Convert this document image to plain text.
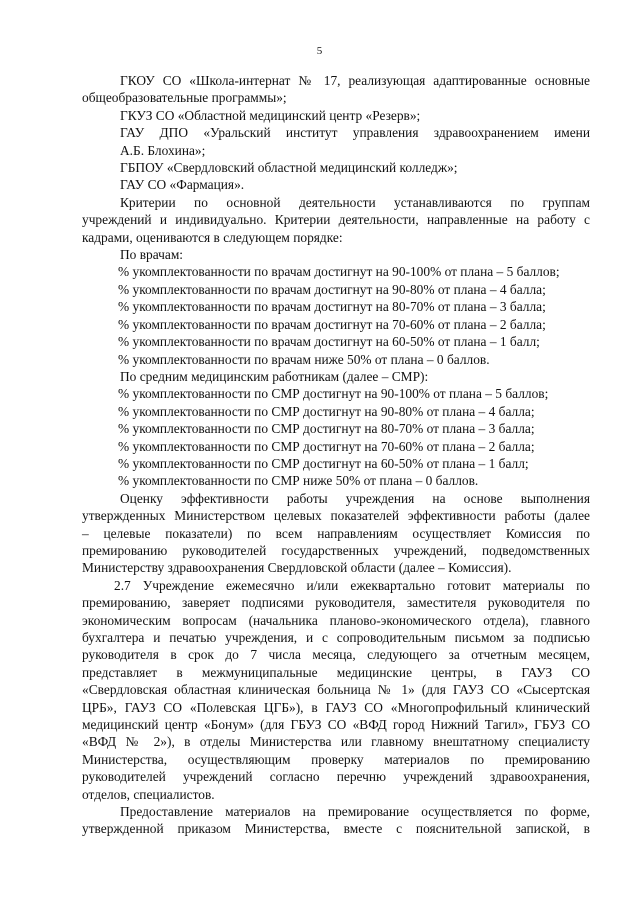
5
ГКОУ СО «Школа-интернат № 17, реализующая адаптированные основные
общеобразовательные программы»;
ГКУЗ СО «Областной медицинский центр «Резерв»;
ГАУ ДПО «Уральский институт управления здравоохранением имени
А.Б. Блохина»;
ГБПОУ «Свердловский областной медицинский колледж»;
ГАУ СО «Фармация».
Критерии по основной деятельности устанавливаются по группам
учреждений и индивидуально. Критерии деятельности, направленные на работу с
кадрами, оцениваются в следующем порядке:
По врачам:
% укомплектованности по врачам достигнут на 90-100% от плана – 5 баллов;
% укомплектованности по врачам достигнут на 90-80% от плана – 4 балла;
% укомплектованности по врачам достигнут на 80-70% от плана – 3 балла;
% укомплектованности по врачам достигнут на 70-60% от плана – 2 балла;
% укомплектованности по врачам достигнут на 60-50% от плана – 1 балл;
% укомплектованности по врачам ниже 50% от плана – 0 баллов.
По средним медицинским работникам (далее – СМР):
% укомплектованности по СМР достигнут на 90-100% от плана – 5 баллов;
% укомплектованности по СМР достигнут на 90-80% от плана – 4 балла;
% укомплектованности по СМР достигнут на 80-70% от плана – 3 балла;
% укомплектованности по СМР достигнут на 70-60% от плана – 2 балла;
% укомплектованности по СМР достигнут на 60-50% от плана – 1 балл;
% укомплектованности по СМР ниже 50% от плана – 0 баллов.
Оценку эффективности работы учреждения на основе выполнения
утвержденных Министерством целевых показателей эффективности работы (далее
– целевые показатели) по всем направлениям осуществляет Комиссия по
премированию руководителей государственных учреждений, подведомственных
Министерству здравоохранения Свердловской области (далее – Комиссия).
2.7 Учреждение ежемесячно и/или ежеквартально готовит материалы по
премированию, заверяет подписями руководителя, заместителя руководителя по
экономическим вопросам (начальника планово-экономического отдела), главного
бухгалтера и печатью учреждения, и с сопроводительным письмом за подписью
руководителя в срок до 7 числа месяца, следующего за отчетным месяцем,
представляет в межмуниципальные медицинские центры, в ГАУЗ СО
«Свердловская областная клиническая больница № 1» (для ГАУЗ СО «Сысертская
ЦРБ», ГАУЗ СО «Полевская ЦГБ»), в ГАУЗ СО «Многопрофильный клинический
медицинский центр «Бонум» (для ГБУЗ СО «ВФД город Нижний Тагил», ГБУЗ СО
«ВФД № 2»), в отделы Министерства или главному внештатному специалисту
Министерства, осуществляющим проверку материалов по премированию
руководителей учреждений согласно перечню учреждений здравоохранения,
отделов, специалистов.
Предоставление материалов на премирование осуществляется по форме,
утвержденной приказом Министерства, вместе с пояснительной запиской, в
